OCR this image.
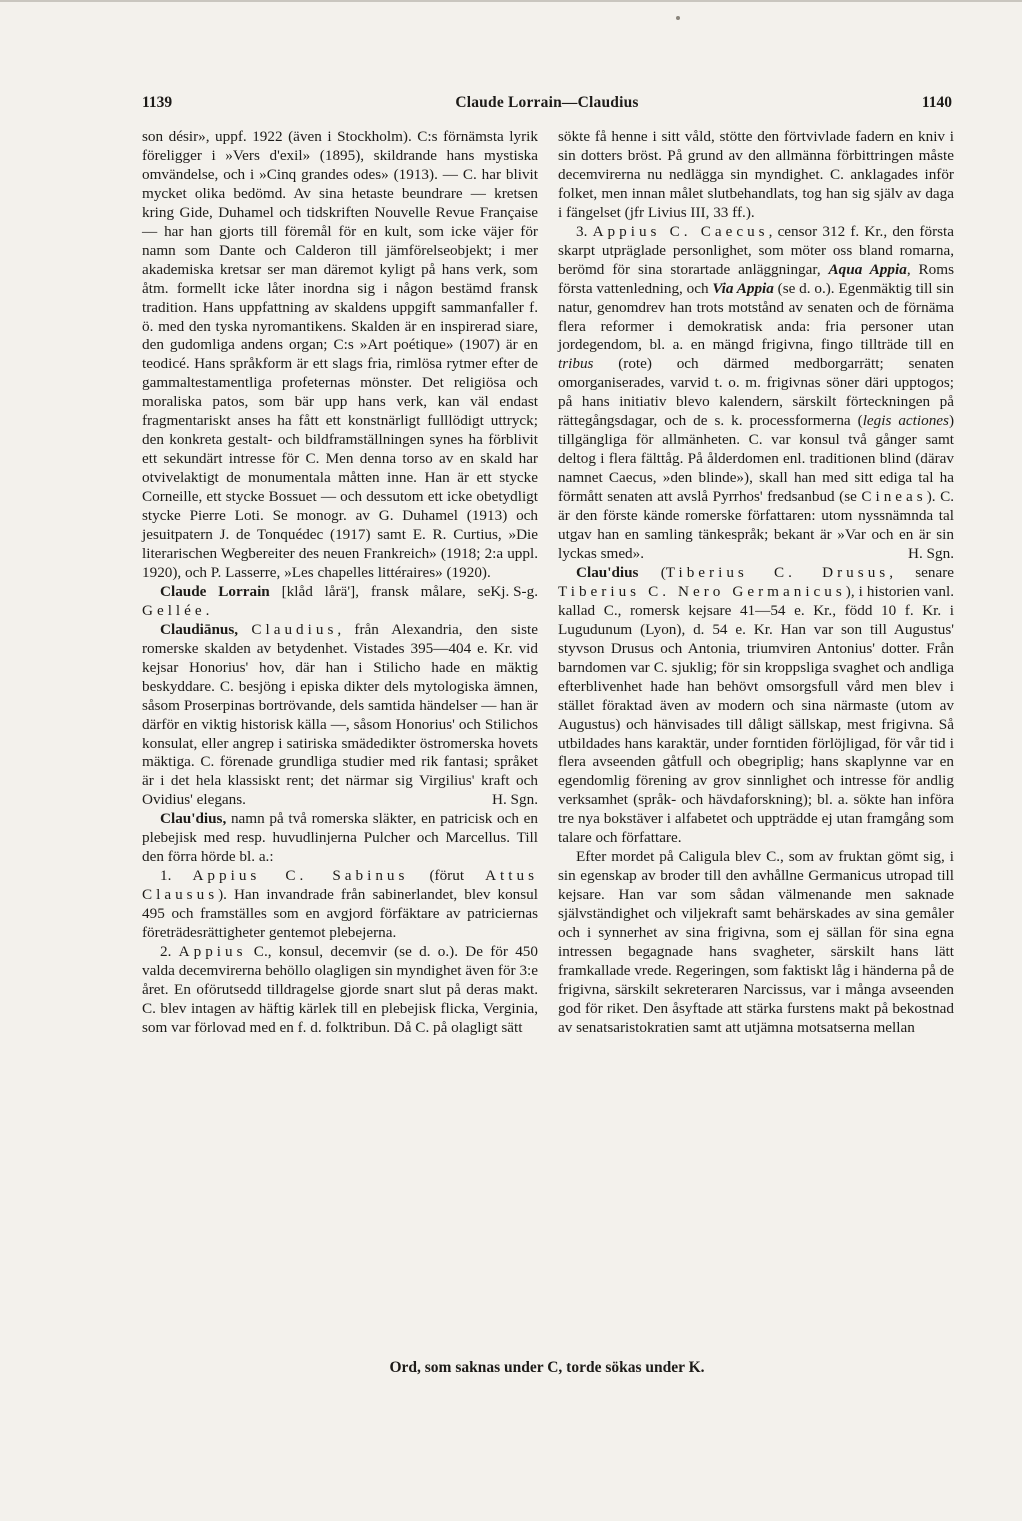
1139	Claude Lorrain—Claudius	1140

son désir», uppf. 1922 (även i Stockholm). C:s förnämsta lyrik föreligger i »Vers d'exil» (1895), skildrande hans mystiska omvändelse, och i »Cinq grandes odes» (1913). — C. har blivit mycket olika bedömd. Av sina hetaste beundrare — kretsen kring Gide, Duhamel och tidskriften Nouvelle Revue Française — har han gjorts till föremål för en kult, som icke väjer för namn som Dante och Calderon till jämförelseobjekt; i mer akademiska kretsar ser man däremot kyligt på hans verk, som åtm. formellt icke låter inordna sig i någon bestämd fransk tradition. Hans uppfattning av skaldens uppgift sammanfaller f. ö. med den tyska nyromantikens. Skalden är en inspirerad siare, den gudomliga andens organ; C:s »Art poétique» (1907) är en teodicé. Hans språkform är ett slags fria, rimlösa rytmer efter de gammaltestamentliga profeternas mönster. Det religiösa och moraliska patos, som bär upp hans verk, kan väl endast fragmentariskt anses ha fått ett konstnärligt fulllödigt uttryck; den konkreta gestalt- och bildframställningen synes ha förblivit ett sekundärt intresse för C. Men denna torso av en skald har otvivelaktigt de monumentala måtten inne. Han är ett stycke Corneille, ett stycke Bossuet — och dessutom ett icke obetydligt stycke Pierre Loti. Se monogr. av G. Duhamel (1913) och jesuitpatern J. de Tonquédec (1917) samt E. R. Curtius, »Die literarischen Wegbereiter des neuen Frankreich» (1918; 2:a uppl. 1920), och P. Lasserre, »Les chapelles littéraires» (1920).
Kj. S-g.

Claude Lorrain [klåd lårä'], fransk målare, se Gellée.

Claudiānus, Claudius, från Alexandria, den siste romerske skalden av betydenhet. Vistades 395—404 e. Kr. vid kejsar Honorius' hov, där han i Stilicho hade en mäktig beskyddare. C. besjöng i episka dikter dels mytologiska ämnen, såsom Proserpinas bortrövande, dels samtida händelser — han är därför en viktig historisk källa —, såsom Honorius' och Stilichos konsulat, eller angrep i satiriska smädedikter östromerska hovets mäktiga. C. förenade grundliga studier med rik fantasi; språket är i det hela klassiskt rent; det närmar sig Virgilius' kraft och Ovidius' elegans.	H. Sgn.

Clau'dius, namn på två romerska släkter, en patricisk och en plebejisk med resp. huvudlinjerna Pulcher och Marcellus. Till den förra hörde bl. a.:

1. Appius C. Sabinus (förut Attus Clausus). Han invandrade från sabinerlandet, blev konsul 495 och framställes som en avgjord förfäktare av patriciernas företrädesrättigheter gentemot plebejerna.

2. Appius C., konsul, decemvir (se d. o.). De för 450 valda decemvirerna behöllo olagligen sin myndighet även för 3:e året. En oförutsedd tilldragelse gjorde snart slut på deras makt. C. blev intagen av häftig kärlek till en plebejisk flicka, Verginia, som var förlovad med en f. d. folktribun. Då C. på olagligt sätt

sökte få henne i sitt våld, stötte den förtvivlade fadern en kniv i sin dotters bröst. På grund av den allmänna förbittringen måste decemvirerna nu nedlägga sin myndighet. C. anklagades inför folket, men innan målet slutbehandlats, tog han sig själv av daga i fängelset (jfr Livius III, 33 ff.).

3. Appius C. Caecus, censor 312 f. Kr., den första skarpt utpräglade personlighet, som möter oss bland romarna, berömd för sina storartade anläggningar, Aqua Appia, Roms första vattenledning, och Via Appia (se d. o.). Egenmäktig till sin natur, genomdrev han trots motstånd av senaten och de förnäma flera reformer i demokratisk anda: fria personer utan jordegendom, bl. a. en mängd frigivna, fingo tillträde till en tribus (rote) och därmed medborgarrätt; senaten omorganiserades, varvid t. o. m. frigivnas söner däri upptogos; på hans initiativ blevo kalendern, särskilt förteckningen på rättegångsdagar, och de s. k. processformerna (legis actiones) tillgängliga för allmänheten. C. var konsul två gånger samt deltog i flera fälttåg. På ålderdomen enl. traditionen blind (därav namnet Caecus, »den blinde»), skall han med sitt ediga tal ha förmått senaten att avslå Pyrrhos' fredsanbud (se Cineas). C. är den förste kände romerske författaren: utom nyssnämnda tal utgav han en samling tänkespråk; bekant är »Var och en är sin lyckas smed».	H. Sgn.

Clau'dius (Tiberius C. Drusus, senare Tiberius C. Nero Germanicus), i historien vanl. kallad C., romersk kejsare 41—54 e. Kr., född 10 f. Kr. i Lugudunum (Lyon), d. 54 e. Kr. Han var son till Augustus' styvson Drusus och Antonia, triumviren Antonius' dotter. Från barndomen var C. sjuklig; för sin kroppsliga svaghet och andliga efterblivenhet hade han behövt omsorgsfull vård men blev i stället föraktad även av modern och sina närmaste (utom av Augustus) och hänvisades till dåligt sällskap, mest frigivna. Så utbildades hans karaktär, under forntiden förlöjligad, för vår tid i flera avseenden gåtfull och obegriplig; hans skaplynne var en egendomlig förening av grov sinnlighet och intresse för andlig verksamhet (språk- och hävdaforskning); bl. a. sökte han införa tre nya bokstäver i alfabetet och uppträdde ej utan framgång som talare och författare.

Efter mordet på Caligula blev C., som av fruktan gömt sig, i sin egenskap av broder till den avhållne Germanicus utropad till kejsare. Han var som sådan välmenande men saknade självständighet och viljekraft samt behärskades av sina gemåler och i synnerhet av sina frigivna, som ej sällan för sina egna intressen begagnade hans svagheter, särskilt hans lätt framkallade vrede. Regeringen, som faktiskt låg i händerna på de frigivna, särskilt sekreteraren Narcissus, var i många avseenden god för riket. Den åsyftade att stärka furstens makt på bekostnad av senatsaristokratien samt att utjämna motsatserna mellan

Ord, som saknas under C, torde sökas under K.
